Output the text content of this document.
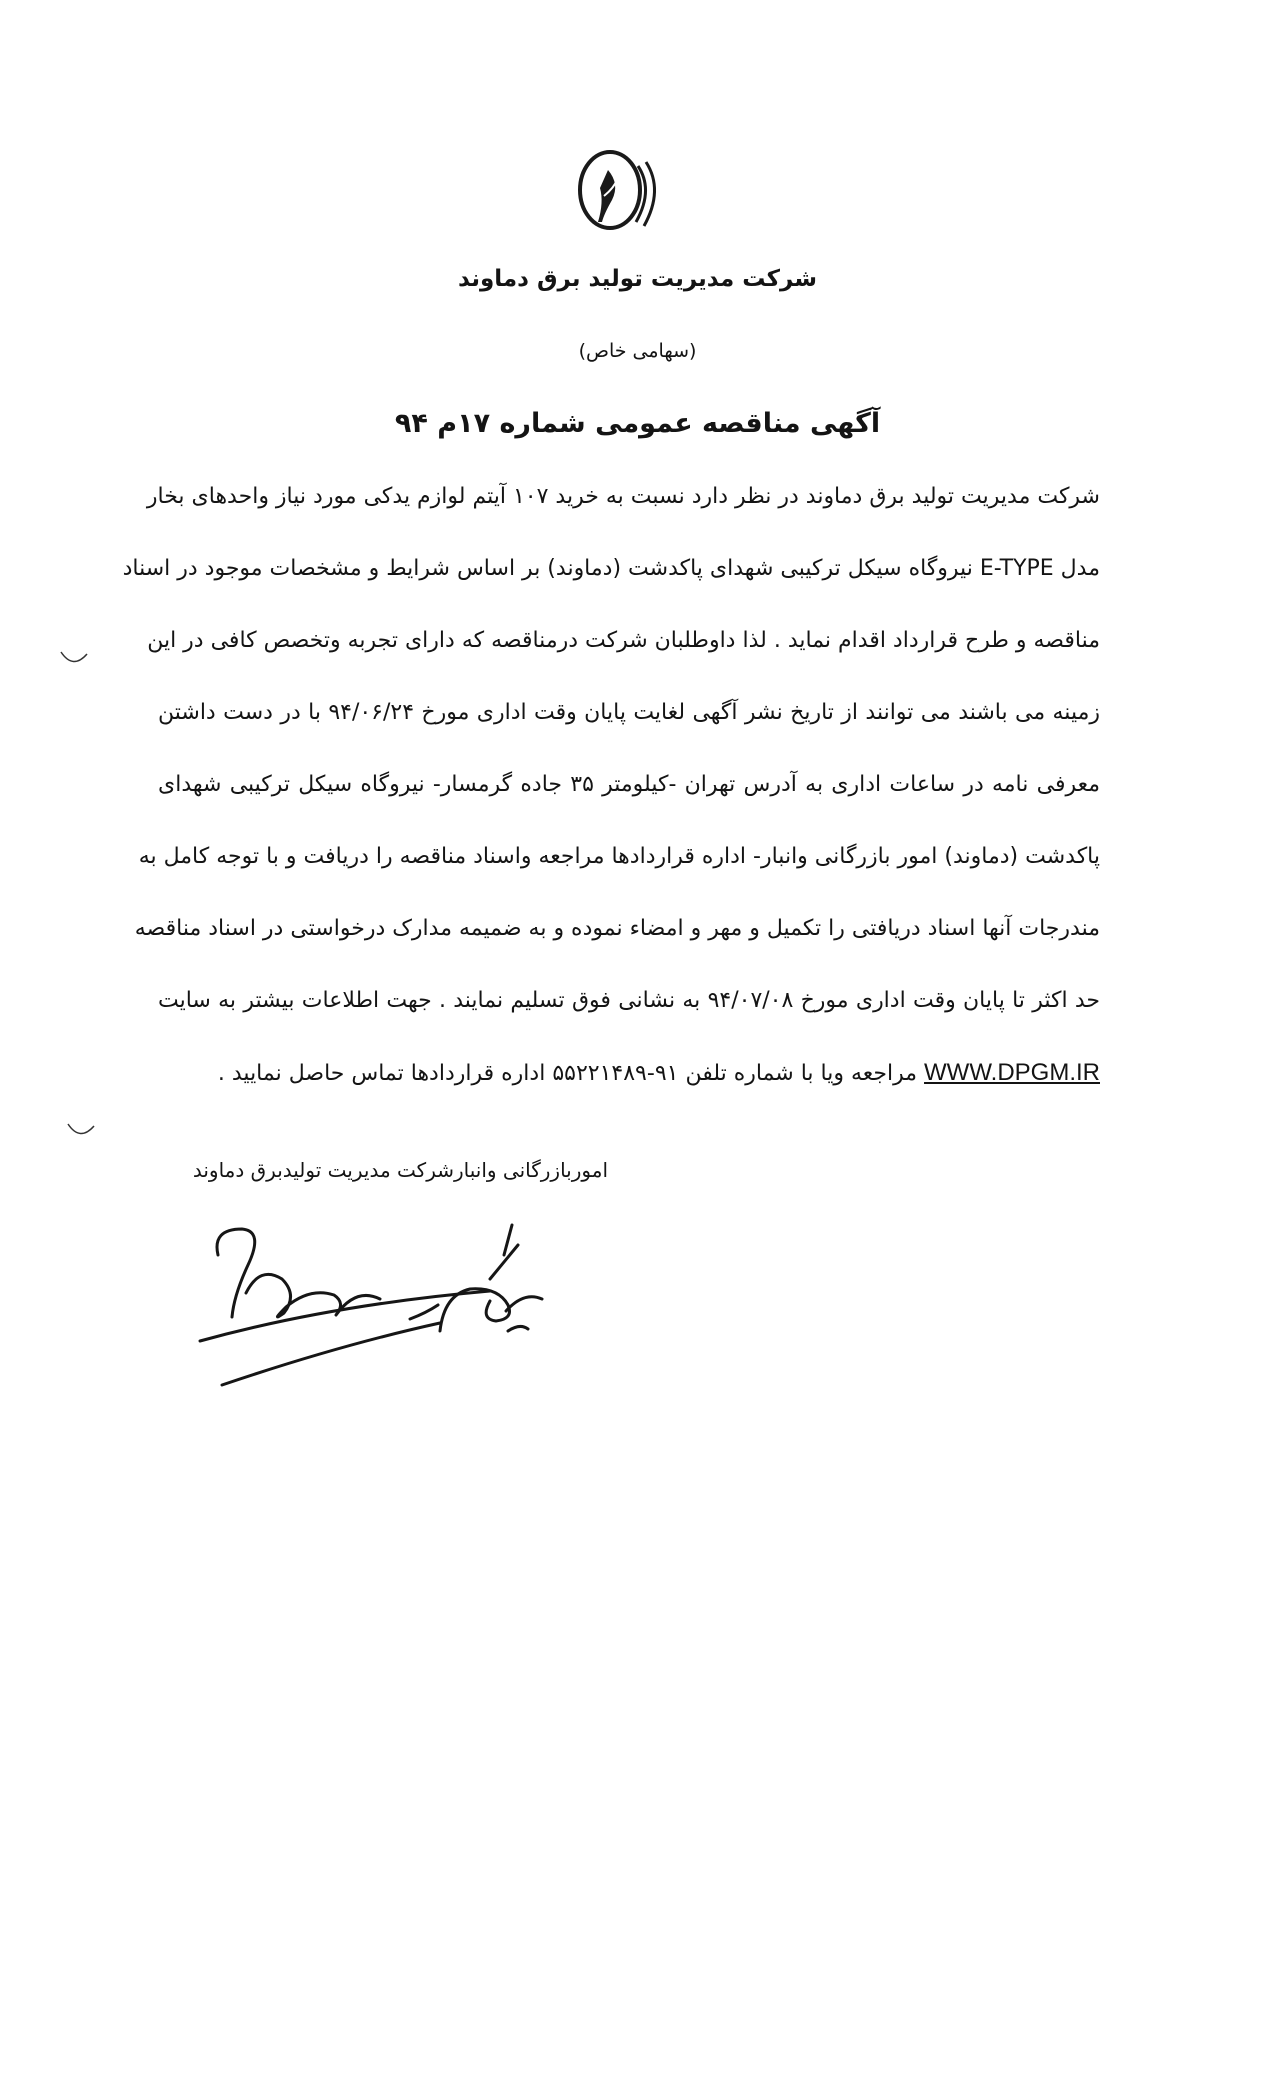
شرکت مدیریت تولید برق دماوند
(سهامی خاص)
آگهی مناقصه عمومی شماره ۱۷م ۹۴
شرکت مدیریت تولید برق دماوند در نظر دارد نسبت به خرید ۱۰۷ آیتم لوازم یدکی مورد نیاز واحدهای بخار
مدل E-TYPE نیروگاه سیکل ترکیبی شهدای پاکدشت (دماوند) بر اساس شرایط و مشخصات موجود در اسناد
مناقصه و طرح قرارداد اقدام نماید . لذا داوطلبان شرکت درمناقصه که دارای تجربه وتخصص کافی در این
زمینه می باشند می توانند از تاریخ نشر آگهی لغایت پایان وقت اداری مورخ ۹۴/۰۶/۲۴ با در دست داشتن
معرفی نامه در ساعات اداری به آدرس تهران -کیلومتر ۳۵ جاده گرمسار- نیروگاه سیکل ترکیبی شهدای
پاکدشت (دماوند) امور بازرگانی وانبار- اداره قراردادها مراجعه واسناد مناقصه را دریافت و با توجه کامل به
مندرجات آنها اسناد دریافتی را تکمیل و مهر و امضاء نموده و به ضمیمه مدارک درخواستی در اسناد مناقصه
حد اکثر تا پایان وقت اداری مورخ ۹۴/۰۷/۰۸ به نشانی فوق تسلیم نمایند . جهت اطلاعات بیشتر به سایت
WWW.DPGM.IR مراجعه ویا با شماره تلفن ۹۱-۵۵۲۲۱۴۸۹ اداره قراردادها تماس حاصل نمایید .
اموربازرگانی وانبارشرکت مدیریت تولیدبرق دماوند
